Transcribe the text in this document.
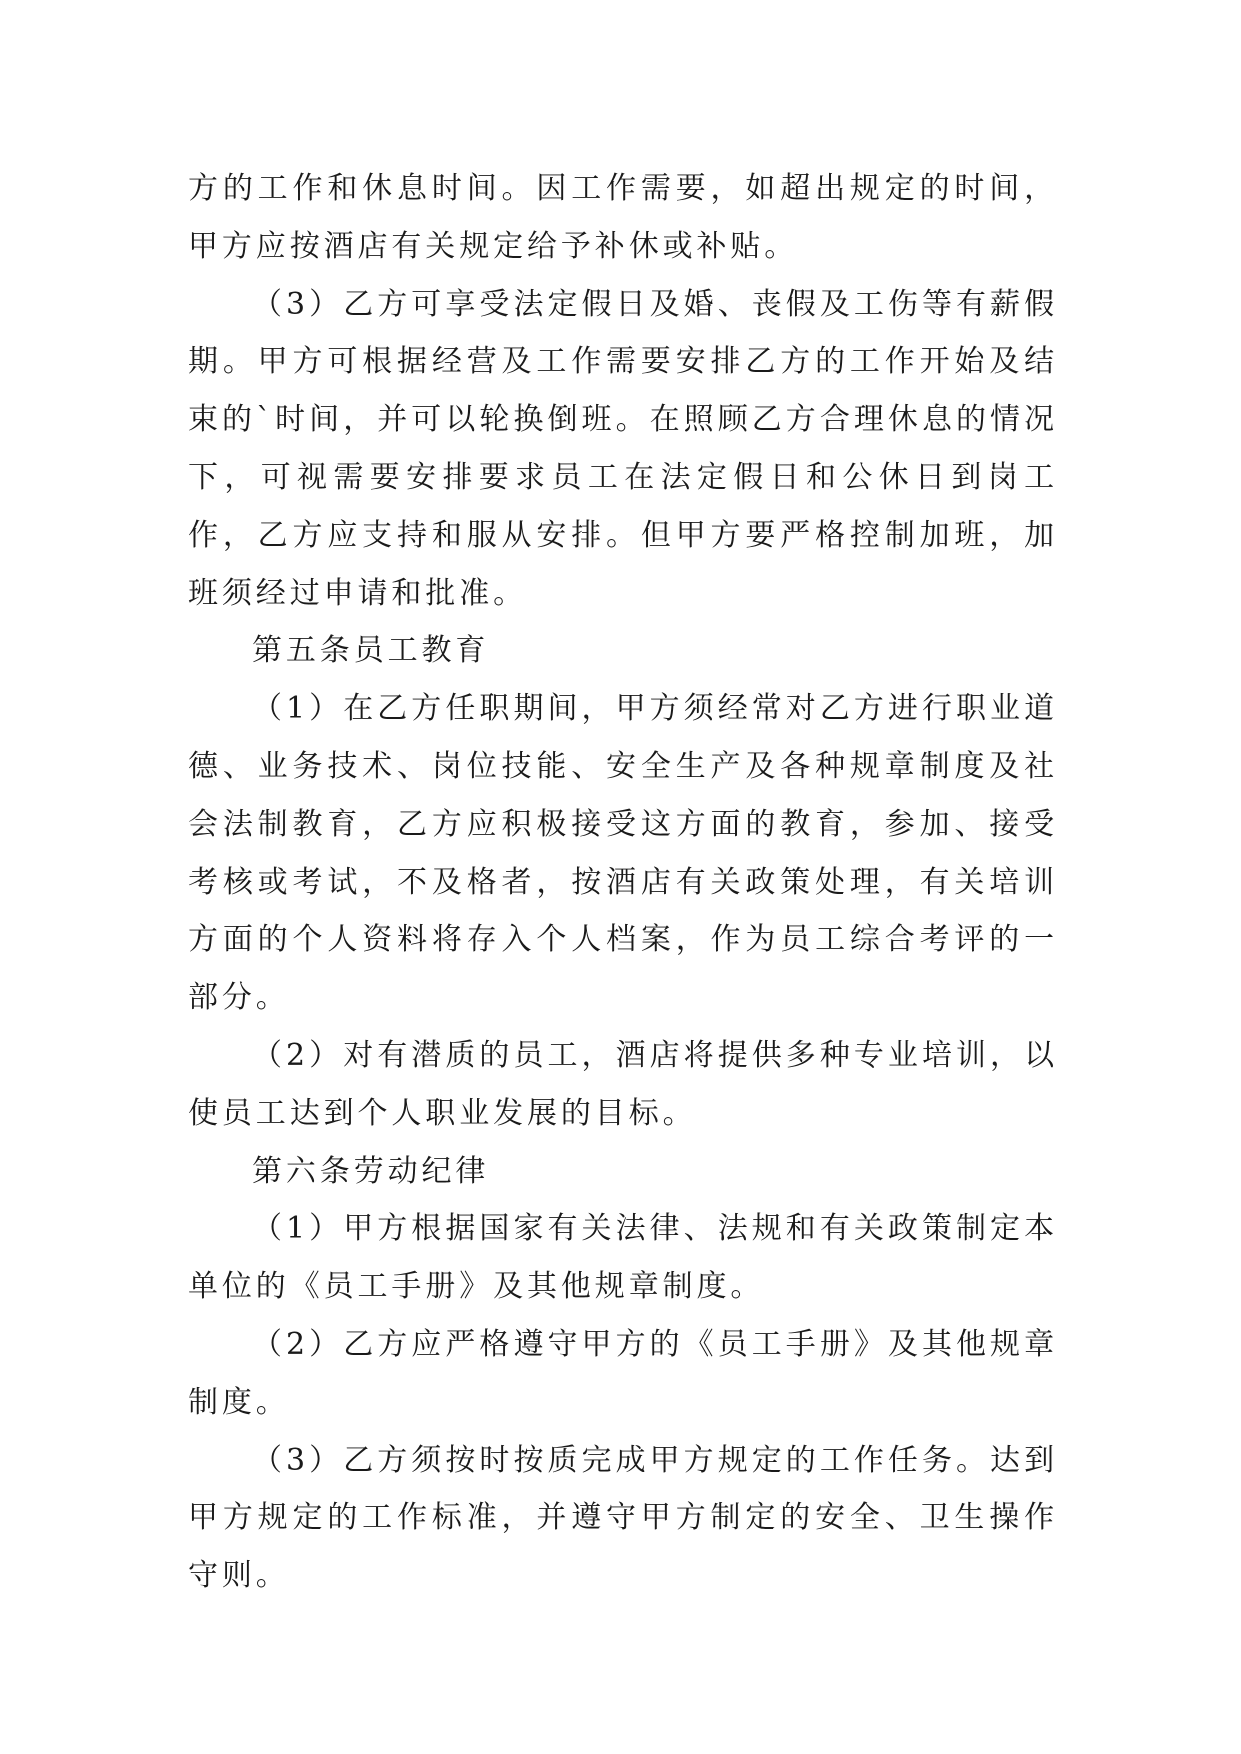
方的工作和休息时间。因工作需要，如超出规定的时间，甲方应按酒店有关规定给予补休或补贴。

（3）乙方可享受法定假日及婚、丧假及工伤等有薪假期。甲方可根据经营及工作需要安排乙方的工作开始及结束的`时间，并可以轮换倒班。在照顾乙方合理休息的情况下，可视需要安排要求员工在法定假日和公休日到岗工作，乙方应支持和服从安排。但甲方要严格控制加班，加班须经过申请和批准。

第五条员工教育

（1）在乙方任职期间，甲方须经常对乙方进行职业道德、业务技术、岗位技能、安全生产及各种规章制度及社会法制教育，乙方应积极接受这方面的教育，参加、接受考核或考试，不及格者，按酒店有关政策处理，有关培训方面的个人资料将存入个人档案，作为员工综合考评的一部分。

（2）对有潜质的员工，酒店将提供多种专业培训，以使员工达到个人职业发展的目标。

第六条劳动纪律

（1）甲方根据国家有关法律、法规和有关政策制定本单位的《员工手册》及其他规章制度。

（2）乙方应严格遵守甲方的《员工手册》及其他规章制度。

（3）乙方须按时按质完成甲方规定的工作任务。达到甲方规定的工作标准，并遵守甲方制定的安全、卫生操作守则。
